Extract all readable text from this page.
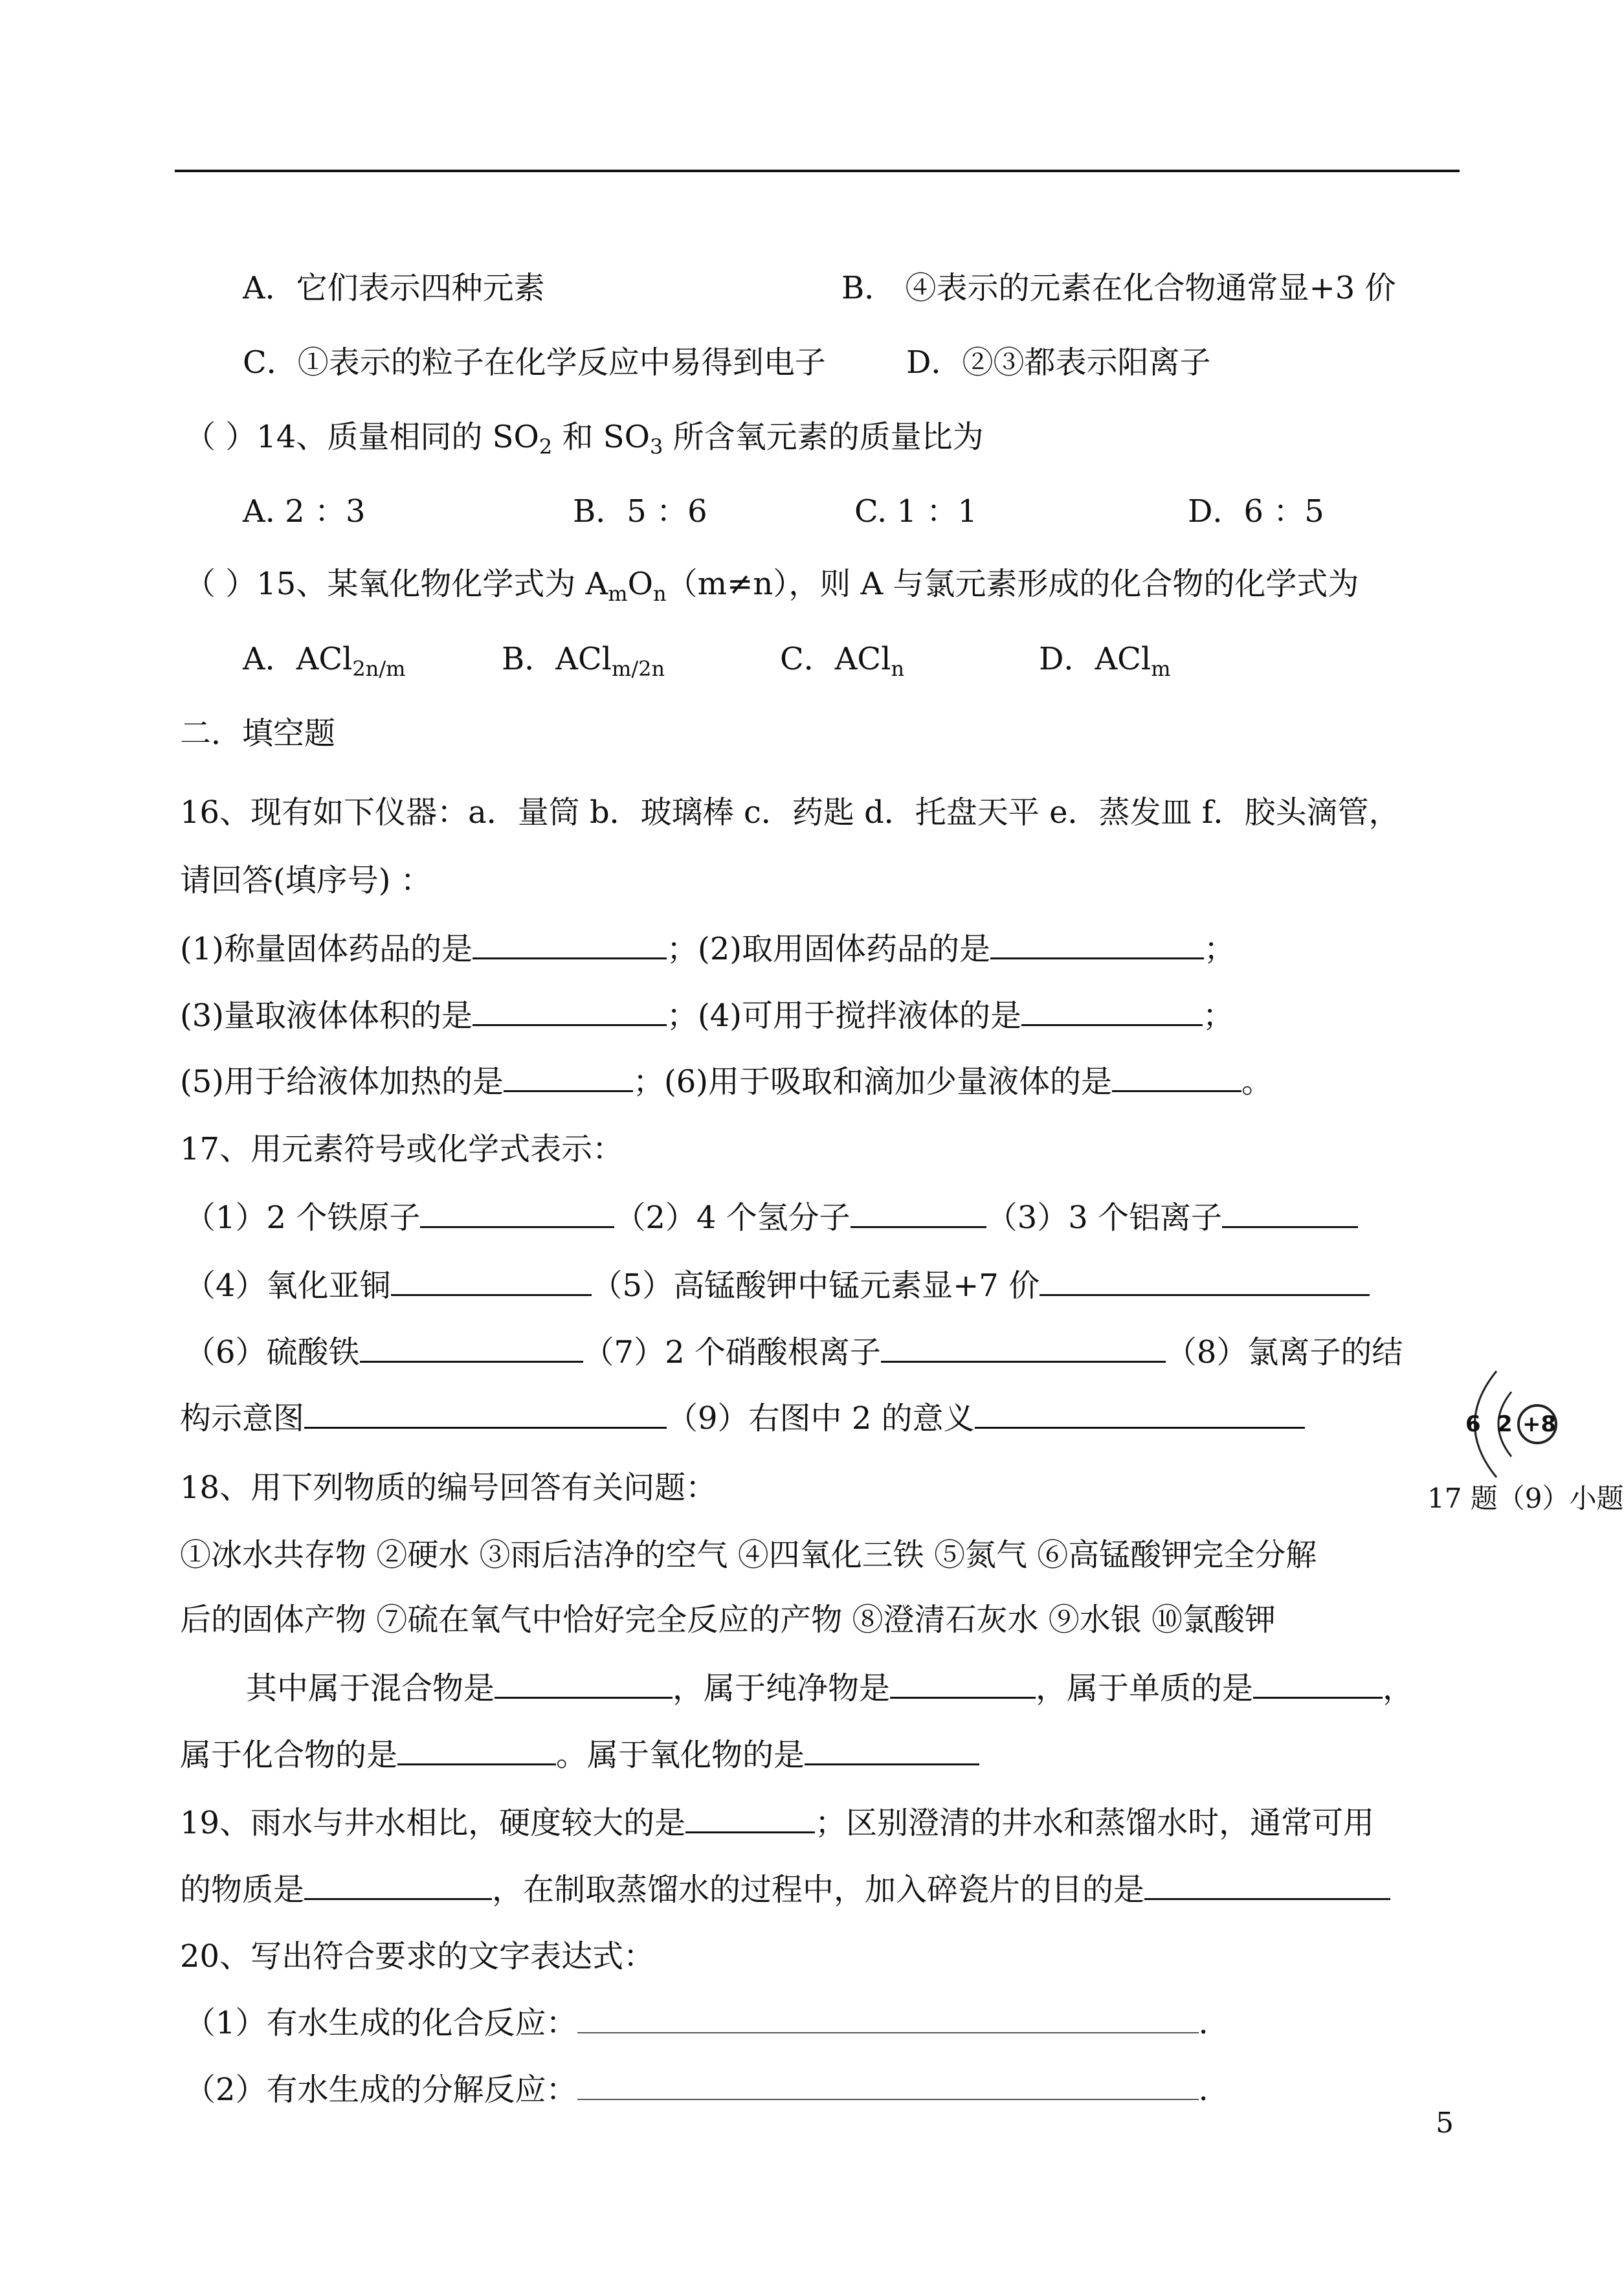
A．它们表示四种元素	B． ④表示的元素在化合物通常显+3 价
C．①表示的粒子在化学反应中易得到电子	D．②③都表示阳离子
（ ）14、质量相同的 $SO_2$ 和 $SO_3$ 所含氧元素的质量比为
A. 2 ：3	B．5 ：6	C. 1 ：1	D．6 ：5
（ ）15、某氧化物化学式为 $A_mO_n(m\ne n)$，则 A 与氯元素形成的化合物的化学式为
A．ACl$_{2n/m}$	B．ACl$_{m/2n}$	C．ACl$_n$	D．ACl$_m$
二．填空题
16、现有如下仪器：a．量筒 b．玻璃棒 c．药匙 d．托盘天平 e．蒸发皿 f．胶头滴管，
请回答(填序号) ：
(1)称量固体药品的是	；(2)取用固体药品的是	；
(3)量取液体体积的是	；(4)可用于搅拌液体的是	；
(5)用于给液体加热的是	；(6)用于吸取和滴加少量液体的是	。
17、用元素符号或化学式表示：
（1）2 个铁原子	（2）4 个氢分子	（3）3 个铝离子
（4）氧化亚铜	（5）高锰酸钾中锰元素显+7 价
（6）硫酸铁	（7）2 个硝酸根离子	（8）氯离子的结
构示意图	（9）右图中 2 的意义	+8
2
6
17 题（9）小题
18、用下列物质的编号回答有关问题：
①冰水共存物 ②硬水 ③雨后洁净的空气 ④四氧化三铁 ⑤氮气 ⑥高锰酸钾完全分解
后的固体产物 ⑦硫在氧气中恰好完全反应的产物 ⑧澄清石灰水 ⑨水银 ⑩氯酸钾
其中属于混合物是	，属于纯净物是	，属于单质的是	，
属于化合物的是	。属于氧化物的是
19、雨水与井水相比，硬度较大的是	；区别澄清的井水和蒸馏水时，通常可用
的物质是	，在制取蒸馏水的过程中，加入碎瓷片的目的是
20、写出符合要求的文字表达式：
（1）有水生成的化合反应：	.
（2）有水生成的分解反应：	.
5
